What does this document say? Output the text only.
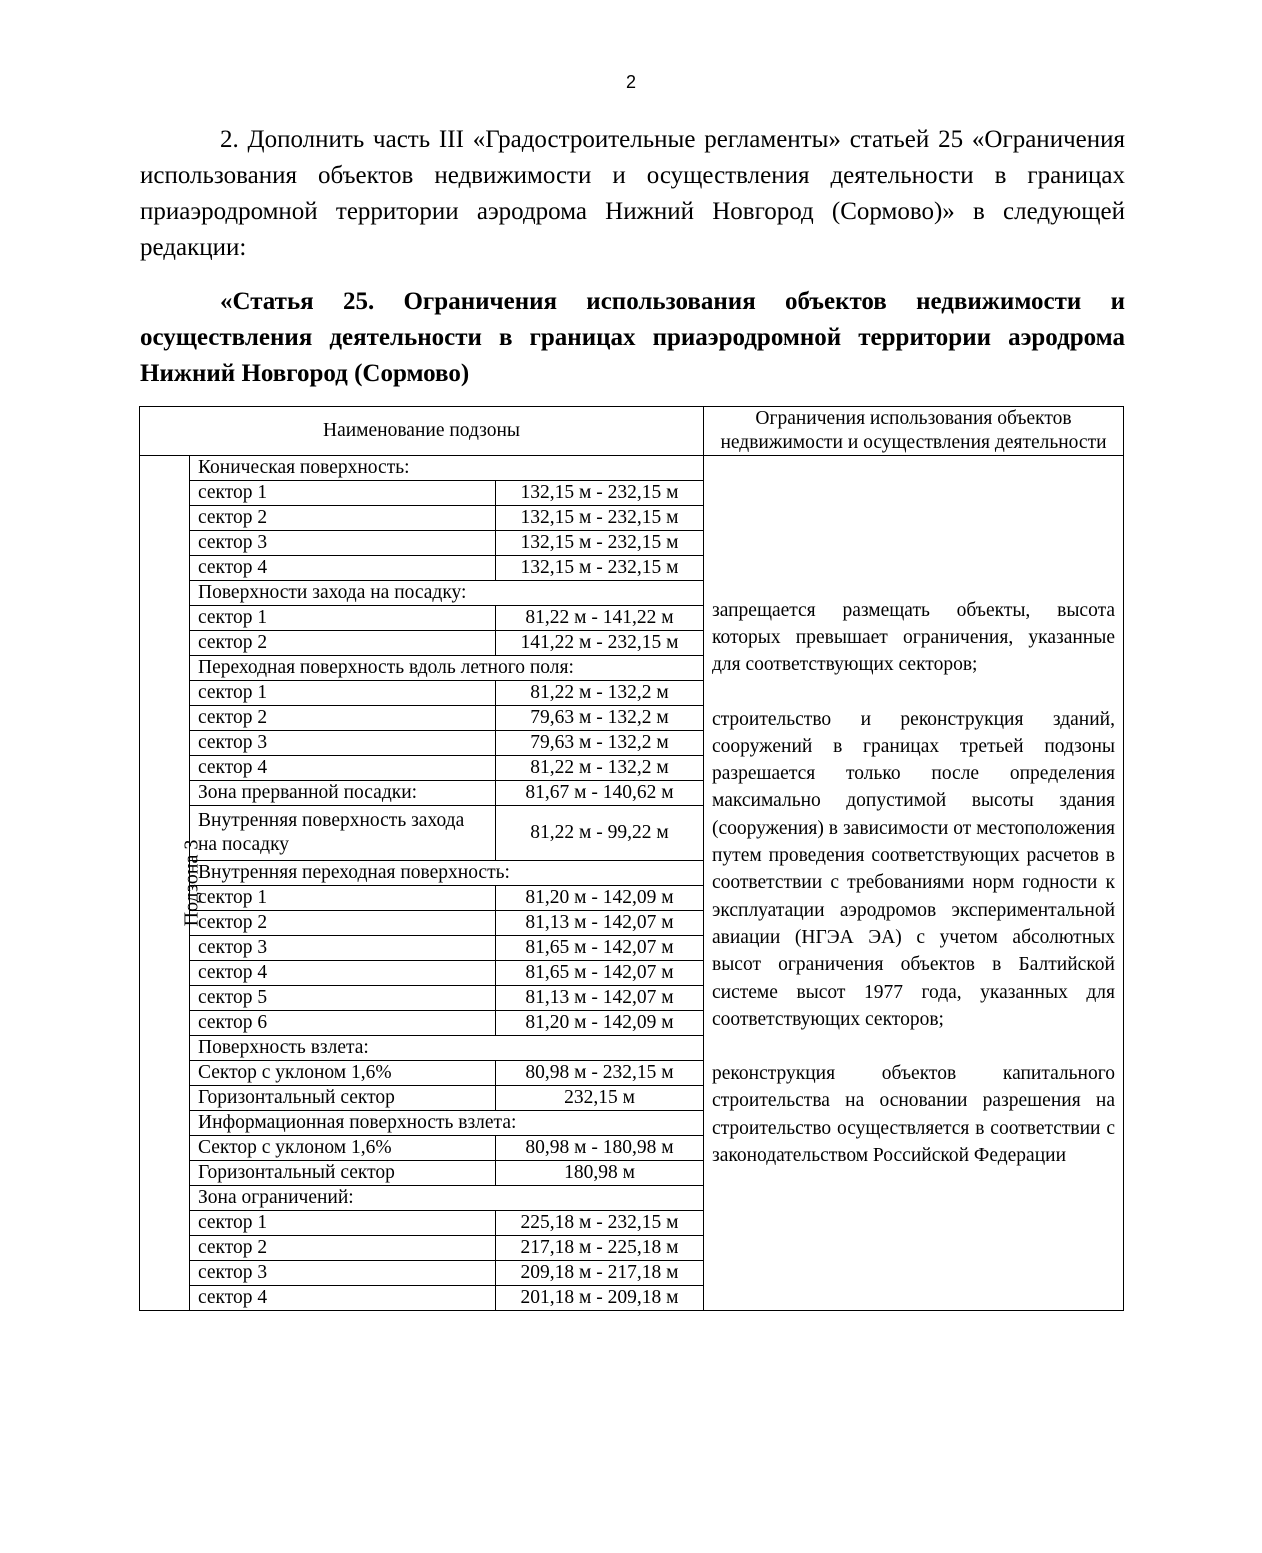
2

2. Дополнить часть III «Градостроительные регламенты» статьей 25 «Ограничения использования объектов недвижимости и осуществления деятельности в границах приаэродромной территории аэродрома Нижний Новгород (Сормово)» в следующей редакции:

«Статья 25. Ограничения использования объектов недвижимости и осуществления деятельности в границах приаэродромной территории аэродрома Нижний Новгород (Сормово)

Наименование подзоны			Ограничения использования объектов недвижимости и осуществления деятельности
Подзона 3	Коническая поверхность:		запрещается размещать объекты, высота которых превышает ограничения, указанные для соответствующих секторов;

строительство и реконструкция зданий, сооружений в границах третьей подзоны разрешается только после определения максимально допустимой высоты здания (сооружения) в зависимости от местоположения путем проведения соответствующих расчетов в соответствии с требованиями норм годности к эксплуатации аэродромов экспериментальной авиации (НГЭА ЭА) с учетом абсолютных высот ограничения объектов в Балтийской системе высот 1977 года, указанных для соответствующих секторов;

реконструкция объектов капитального строительства на основании разрешения на строительство осуществляется в соответствии с законодательством Российской Федерации

	сектор 1	132,15 м - 232,15 м	
	сектор 2	132,15 м - 232,15 м	
	сектор 3	132,15 м - 232,15 м	
	сектор 4	132,15 м - 232,15 м	
	Поверхности захода на посадку:		
	сектор 1	81,22 м - 141,22 м	
	сектор 2	141,22 м - 232,15 м	
	Переходная поверхность вдоль летного поля:		
	сектор 1	81,22 м - 132,2 м	
	сектор 2	79,63 м - 132,2 м	
	сектор 3	79,63 м - 132,2 м	
	сектор 4	81,22 м - 132,2 м	
	Зона прерванной посадки:	81,67 м - 140,62 м	
	Внутренняя поверхность захода на посадку	81,22 м - 99,22 м	
	Внутренняя переходная поверхность:		
	сектор 1	81,20 м - 142,09 м	
	сектор 2	81,13 м - 142,07 м	
	сектор 3	81,65 м - 142,07 м	
	сектор 4	81,65 м - 142,07 м	
	сектор 5	81,13 м - 142,07 м	
	сектор 6	81,20 м - 142,09 м	
	Поверхность взлета:		
	Сектор с уклоном 1,6%	80,98 м - 232,15 м	
	Горизонтальный сектор	232,15 м	
	Информационная поверхность взлета:		
	Сектор с уклоном 1,6%	80,98 м - 180,98 м	
	Горизонтальный сектор	180,98 м	
	Зона ограничений:		
	сектор 1	225,18 м - 232,15 м	
	сектор 2	217,18 м - 225,18 м	
	сектор 3	209,18 м - 217,18 м	
	сектор 4	201,18 м - 209,18 м	
